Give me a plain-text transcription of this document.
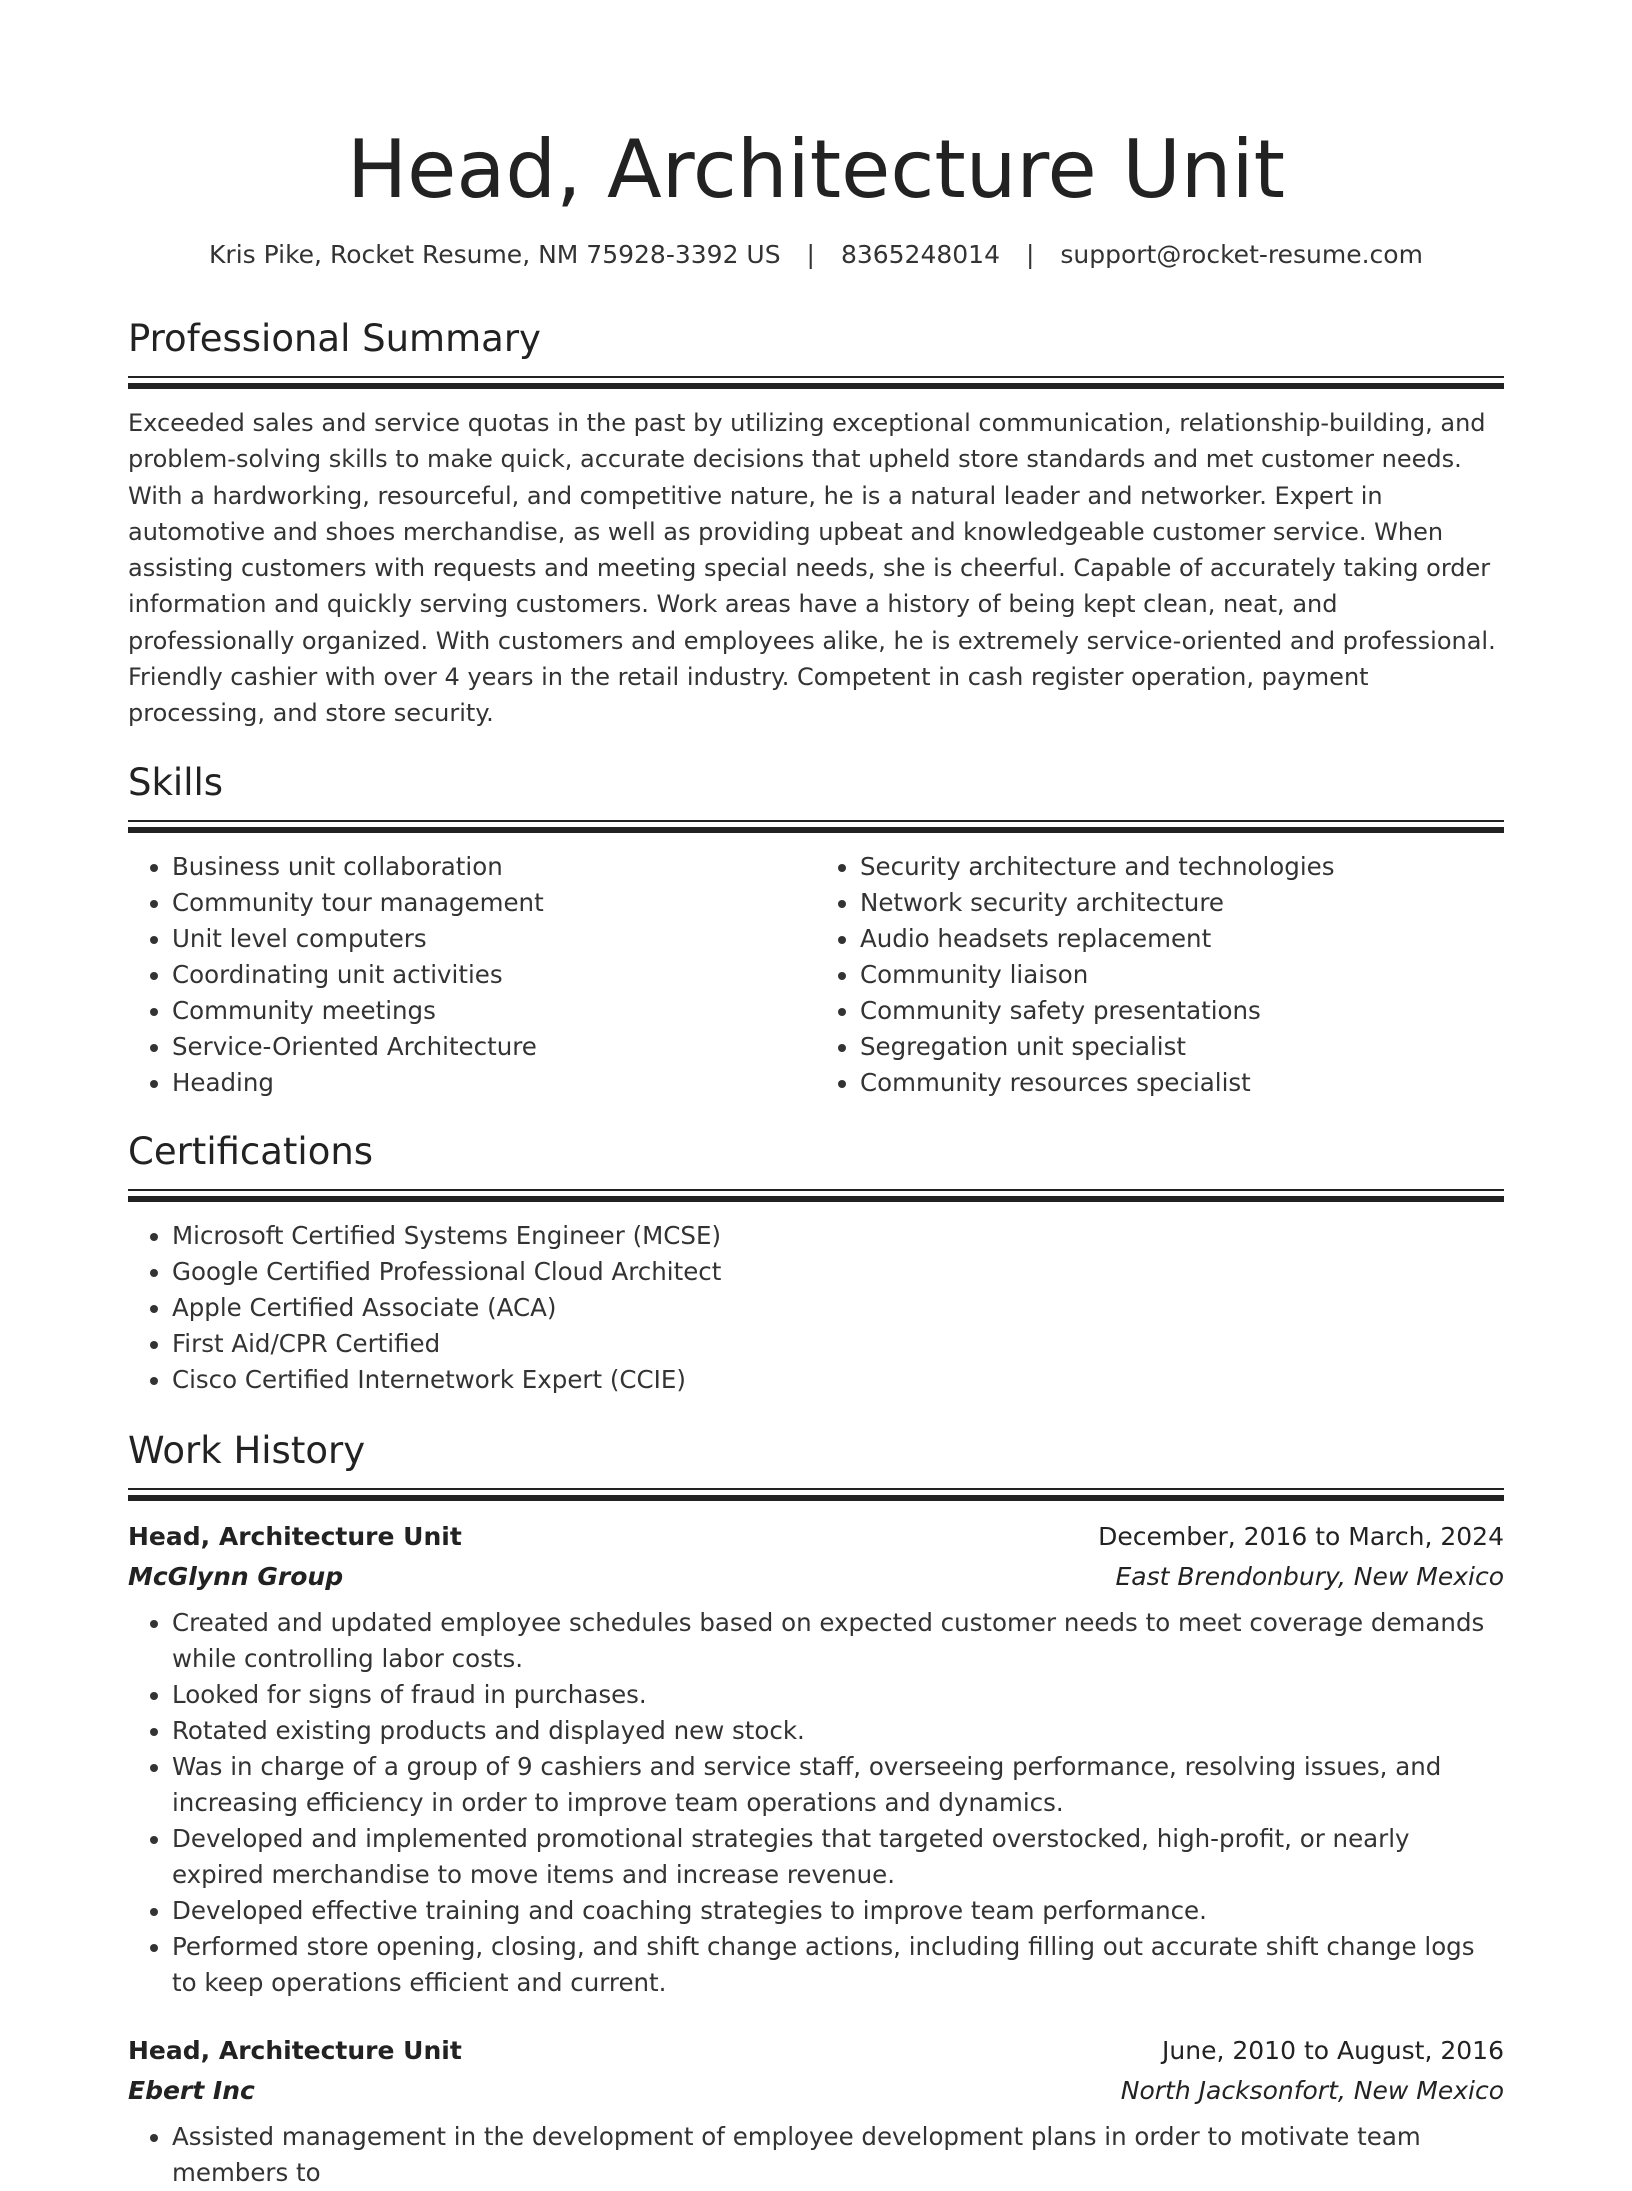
Head, Architecture Unit
Kris Pike, Rocket Resume, NM 75928-3392 US | 8365248014 | support@rocket-resume.com
Professional Summary

Exceeded sales and service quotas in the past by utilizing exceptional communication, relationship-building, and problem-solving skills to make quick, accurate decisions that upheld store standards and met customer needs. With a hardworking, resourceful, and competitive nature, he is a natural leader and networker. Expert in automotive and shoes merchandise, as well as providing upbeat and knowledgeable customer service. When assisting customers with requests and meeting special needs, she is cheerful. Capable of accurately taking order information and quickly serving customers. Work areas have a history of being kept clean, neat, and professionally organized. With customers and employees alike, he is extremely service-oriented and professional. Friendly cashier with over 4 years in the retail industry. Competent in cash register operation, payment processing, and store security.

Skills
• Business unit collaboration
• Community tour management
• Unit level computers
• Coordinating unit activities
• Community meetings
• Service-Oriented Architecture
• Heading
• Security architecture and technologies
• Network security architecture
• Audio headsets replacement
• Community liaison
• Community safety presentations
• Segregation unit specialist
• Community resources specialist
Certifications
• Microsoft Certified Systems Engineer (MCSE)
• Google Certified Professional Cloud Architect
• Apple Certified Associate (ACA)
• First Aid/CPR Certified
• Cisco Certified Internetwork Expert (CCIE)
Work History
Head, Architecture Unit	December, 2016 to March, 2024
McGlynn Group	East Brendonbury, New Mexico
• Created and updated employee schedules based on expected customer needs to meet coverage demands while controlling labor costs.
• Looked for signs of fraud in purchases.
• Rotated existing products and displayed new stock.
• Was in charge of a group of 9 cashiers and service staff, overseeing performance, resolving issues, and increasing efficiency in order to improve team operations and dynamics.
• Developed and implemented promotional strategies that targeted overstocked, high-profit, or nearly expired merchandise to move items and increase revenue.
• Developed effective training and coaching strategies to improve team performance.
• Performed store opening, closing, and shift change actions, including filling out accurate shift change logs to keep operations efficient and current.
Head, Architecture Unit	June, 2010 to August, 2016
Ebert Inc	North Jacksonfort, New Mexico
• Assisted management in the development of employee development plans in order to motivate team members to
